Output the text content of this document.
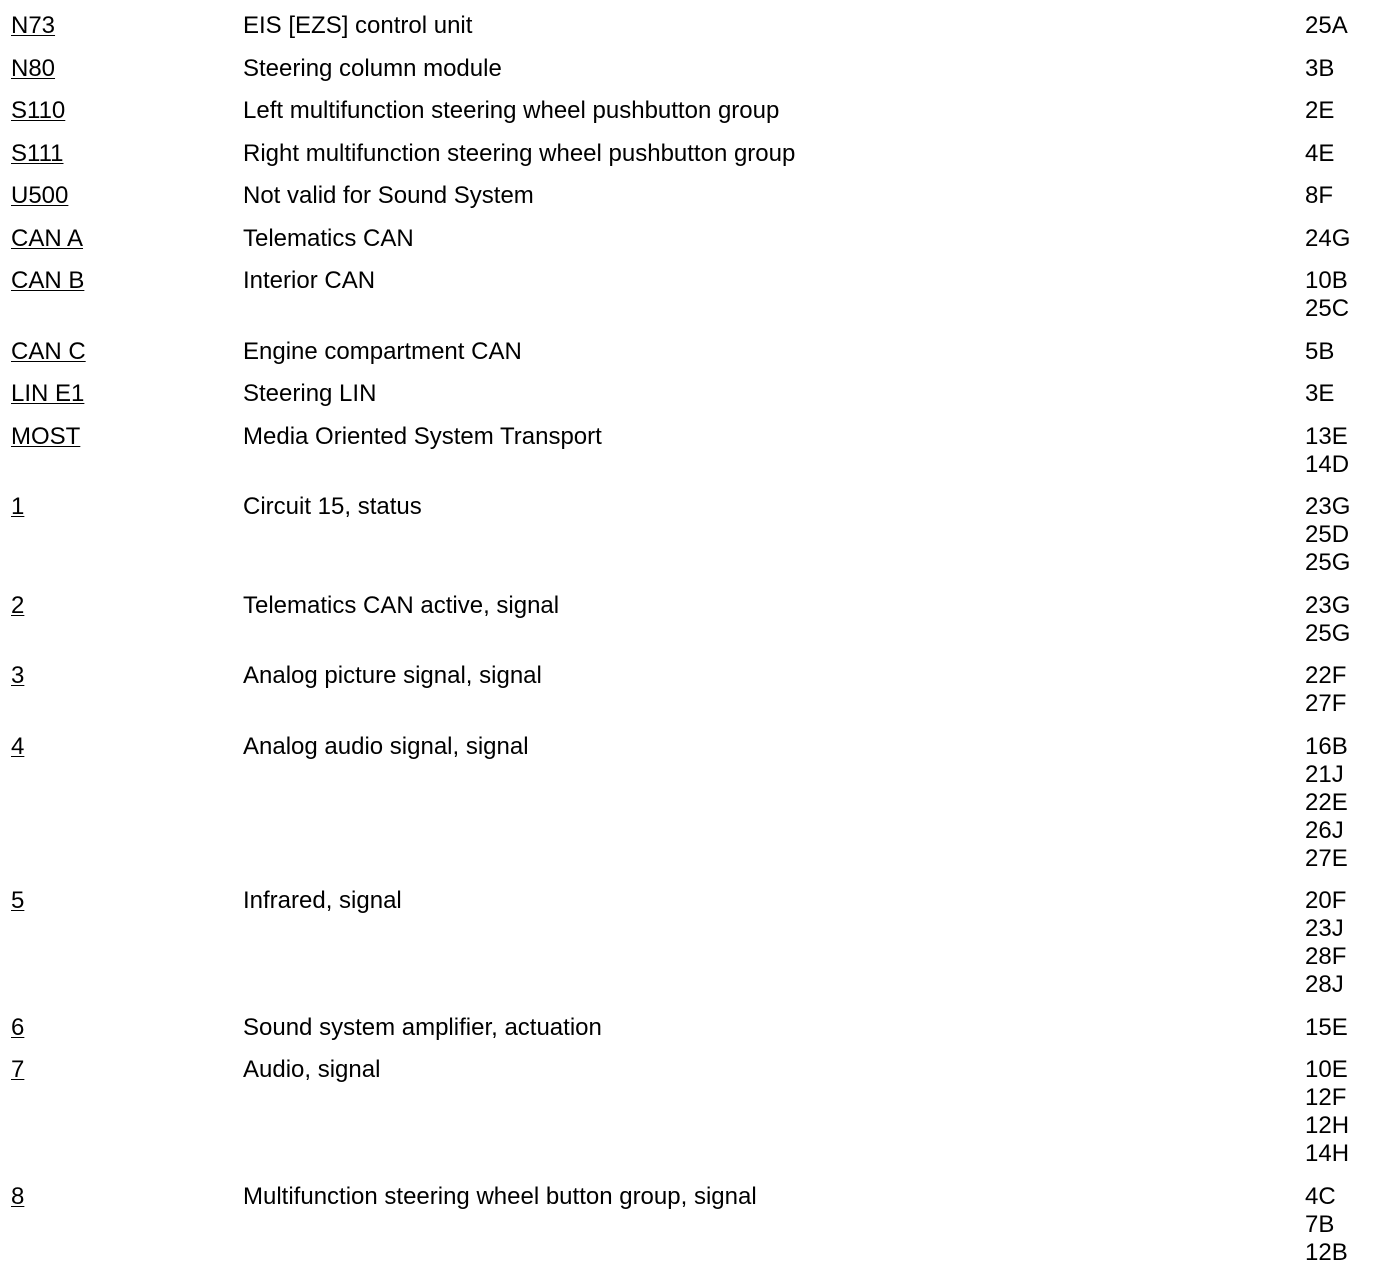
N73	EIS [EZS] control unit	25A
N80	Steering column module	3B
S110	Left multifunction steering wheel pushbutton group	2E
S111	Right multifunction steering wheel pushbutton group	4E
U500	Not valid for Sound System	8F
CAN A	Telematics CAN	24G
CAN B	Interior CAN	10B
25C
CAN C	Engine compartment CAN	5B
LIN E1	Steering LIN	3E
MOST	Media Oriented System Transport	13E
14D
1	Circuit 15, status	23G
25D
25G
2	Telematics CAN active, signal	23G
25G
3	Analog picture signal, signal	22F
27F
4	Analog audio signal, signal	16B
21J
22E
26J
27E
5	Infrared, signal	20F
23J
28F
28J
6	Sound system amplifier, actuation	15E
7	Audio, signal	10E
12F
12H
14H
8	Multifunction steering wheel button group, signal	4C
7B
12B
